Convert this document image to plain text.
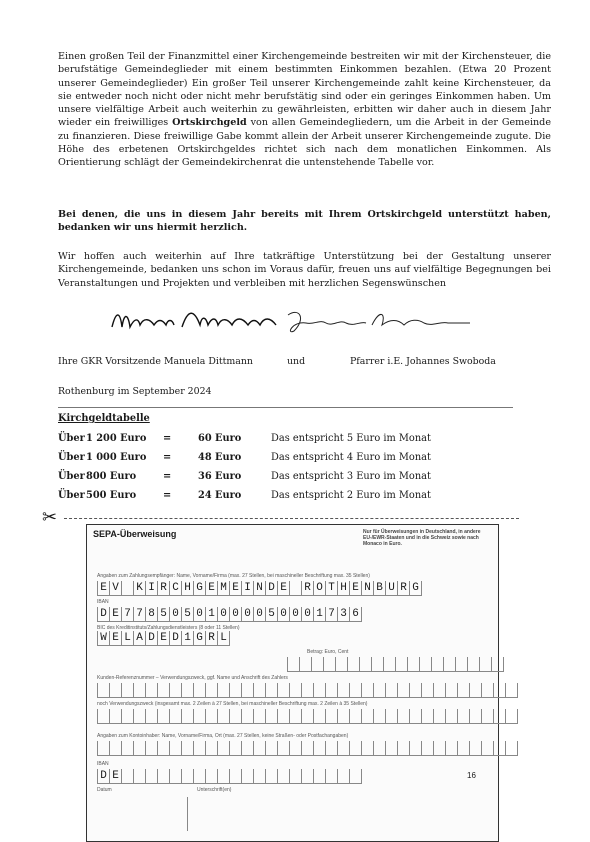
Einen großen Teil der Finanzmittel einer Kirchengemeinde bestreiten wir mit der Kirchensteuer, die berufstätige Gemeindeglieder mit einem bestimmten Einkommen bezahlen. (Etwa 20 Prozent unserer Gemeindeglieder) Ein großer Teil unserer Kirchengemeinde zahlt keine Kirchensteuer, da sie entweder noch nicht oder nicht mehr berufstätig sind oder ein geringes Einkommen haben. Um unsere vielfältige Arbeit auch weiterhin zu gewährleisten, erbitten wir daher auch in diesem Jahr wieder ein freiwilliges Ortskirchgeld von allen Gemeindegliedern, um die Arbeit in der Gemeinde zu finanzieren. Diese freiwillige Gabe kommt allein der Arbeit unserer Kirchengemeinde zugute. Die Höhe des erbetenen Ortskirchgeldes richtet sich nach dem monatlichen Einkommen. Als Orientierung schlägt der Gemeindekirchenrat die untenstehende Tabelle vor.

Bei denen, die uns in diesem Jahr bereits mit Ihrem Ortskirchgeld unterstützt haben, bedanken wir uns hiermit herzlich.

Wir hoffen auch weiterhin auf Ihre tatkräftige Unterstützung bei der Gestaltung unserer Kirchengemeinde, bedanken uns schon im Voraus dafür, freuen uns auf vielfältige Begegnungen bei Veranstaltungen und Projekten und verbleiben mit herzlichen Segenswünschen

Ihre GKR Vorsitzende Manuela Dittmann	und	Pfarrer i.E. Johannes Swoboda
Rothenburg im September 2024
Kirchgeldtabelle
Über 1 200 Euro =	60 Euro	Das entspricht 5 Euro im Monat
Über 1 000 Euro =	48 Euro	Das entspricht 4 Euro im Monat
Über 800 Euro	=	36 Euro	Das entspricht 3 Euro im Monat
Über 500 Euro	=	24 Euro	Das entspricht 2 Euro im Monat
✂
SEPA-Überweisung	Nur für Überweisungen in Deutschland, in andere EU-/EWR-Staaten und in die Schweiz sowie nach Monaco in Euro.
Angaben zum Zahlungsempfänger: Name, Vorname/Firma (max. 27 Stellen, bei maschineller Beschriftung max. 35 Stellen)
E V K I R C H G E M E I N D E R O T H E N B U R G
IBAN
D E 7 7 8 5 0 5 0 1 0 0 0 0 5 0 0 0 1 7 3 6
BIC des Kreditinstituts/Zahlungsdienstleisters (8 oder 11 Stellen)
W E L A D E D 1 G R L
Betrag: Euro, Cent
Kunden-Referenznummer – Verwendungszweck, ggf. Name und Anschrift des Zahlers
noch Verwendungszweck (insgesamt max. 2 Zeilen à 27 Stellen, bei maschineller Beschriftung max. 2 Zeilen à 35 Stellen)
Angaben zum Kontoinhaber: Name, Vorname/Firma, Ort (max. 27 Stellen, keine Straßen- oder Postfachangaben)
IBAN
D E	16
Datum	Unterschrift(en)
